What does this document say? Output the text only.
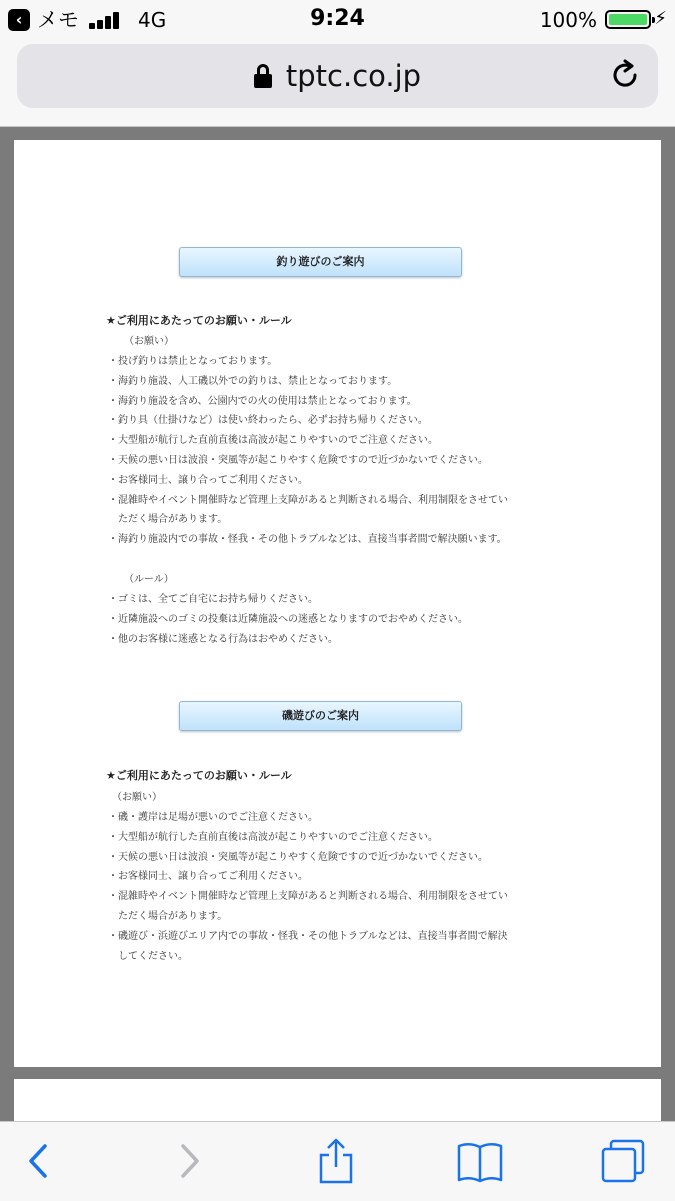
‹ メモ	4G	9:24	100%	⚡
tptc.co.jp
釣り遊びのご案内
★ご利用にあたってのお願い・ルール
（お願い）
・投げ釣りは禁止となっております。
・海釣り施設、人工磯以外での釣りは、禁止となっております。
・海釣り施設を含め、公園内での火の使用は禁止となっております。
・釣り具（仕掛けなど）は使い終わったら、必ずお持ち帰りください。
・大型船が航行した直前直後は高波が起こりやすいのでご注意ください。
・天候の悪い日は波浪・突風等が起こりやすく危険ですので近づかないでください。
・お客様同士、譲り合ってご利用ください。
・混雑時やイベント開催時など管理上支障があると判断される場合、利用制限をさせてい
　ただく場合があります。
・海釣り施設内での事故・怪我・その他トラブルなどは、直接当事者間で解決願います。
（ルール）
・ゴミは、全てご自宅にお持ち帰りください。
・近隣施設へのゴミの投棄は近隣施設への迷惑となりますのでおやめください。
・他のお客様に迷惑となる行為はおやめください。
磯遊びのご案内
★ご利用にあたってのお願い・ルール
（お願い）
・磯・護岸は足場が悪いのでご注意ください。
・大型船が航行した直前直後は高波が起こりやすいのでご注意ください。
・天候の悪い日は波浪・突風等が起こりやすく危険ですので近づかないでください。
・お客様同士、譲り合ってご利用ください。
・混雑時やイベント開催時など管理上支障があると判断される場合、利用制限をさせてい
　ただく場合があります。
・磯遊び・浜遊びエリア内での事故・怪我・その他トラブルなどは、直接当事者間で解決
　してください。
